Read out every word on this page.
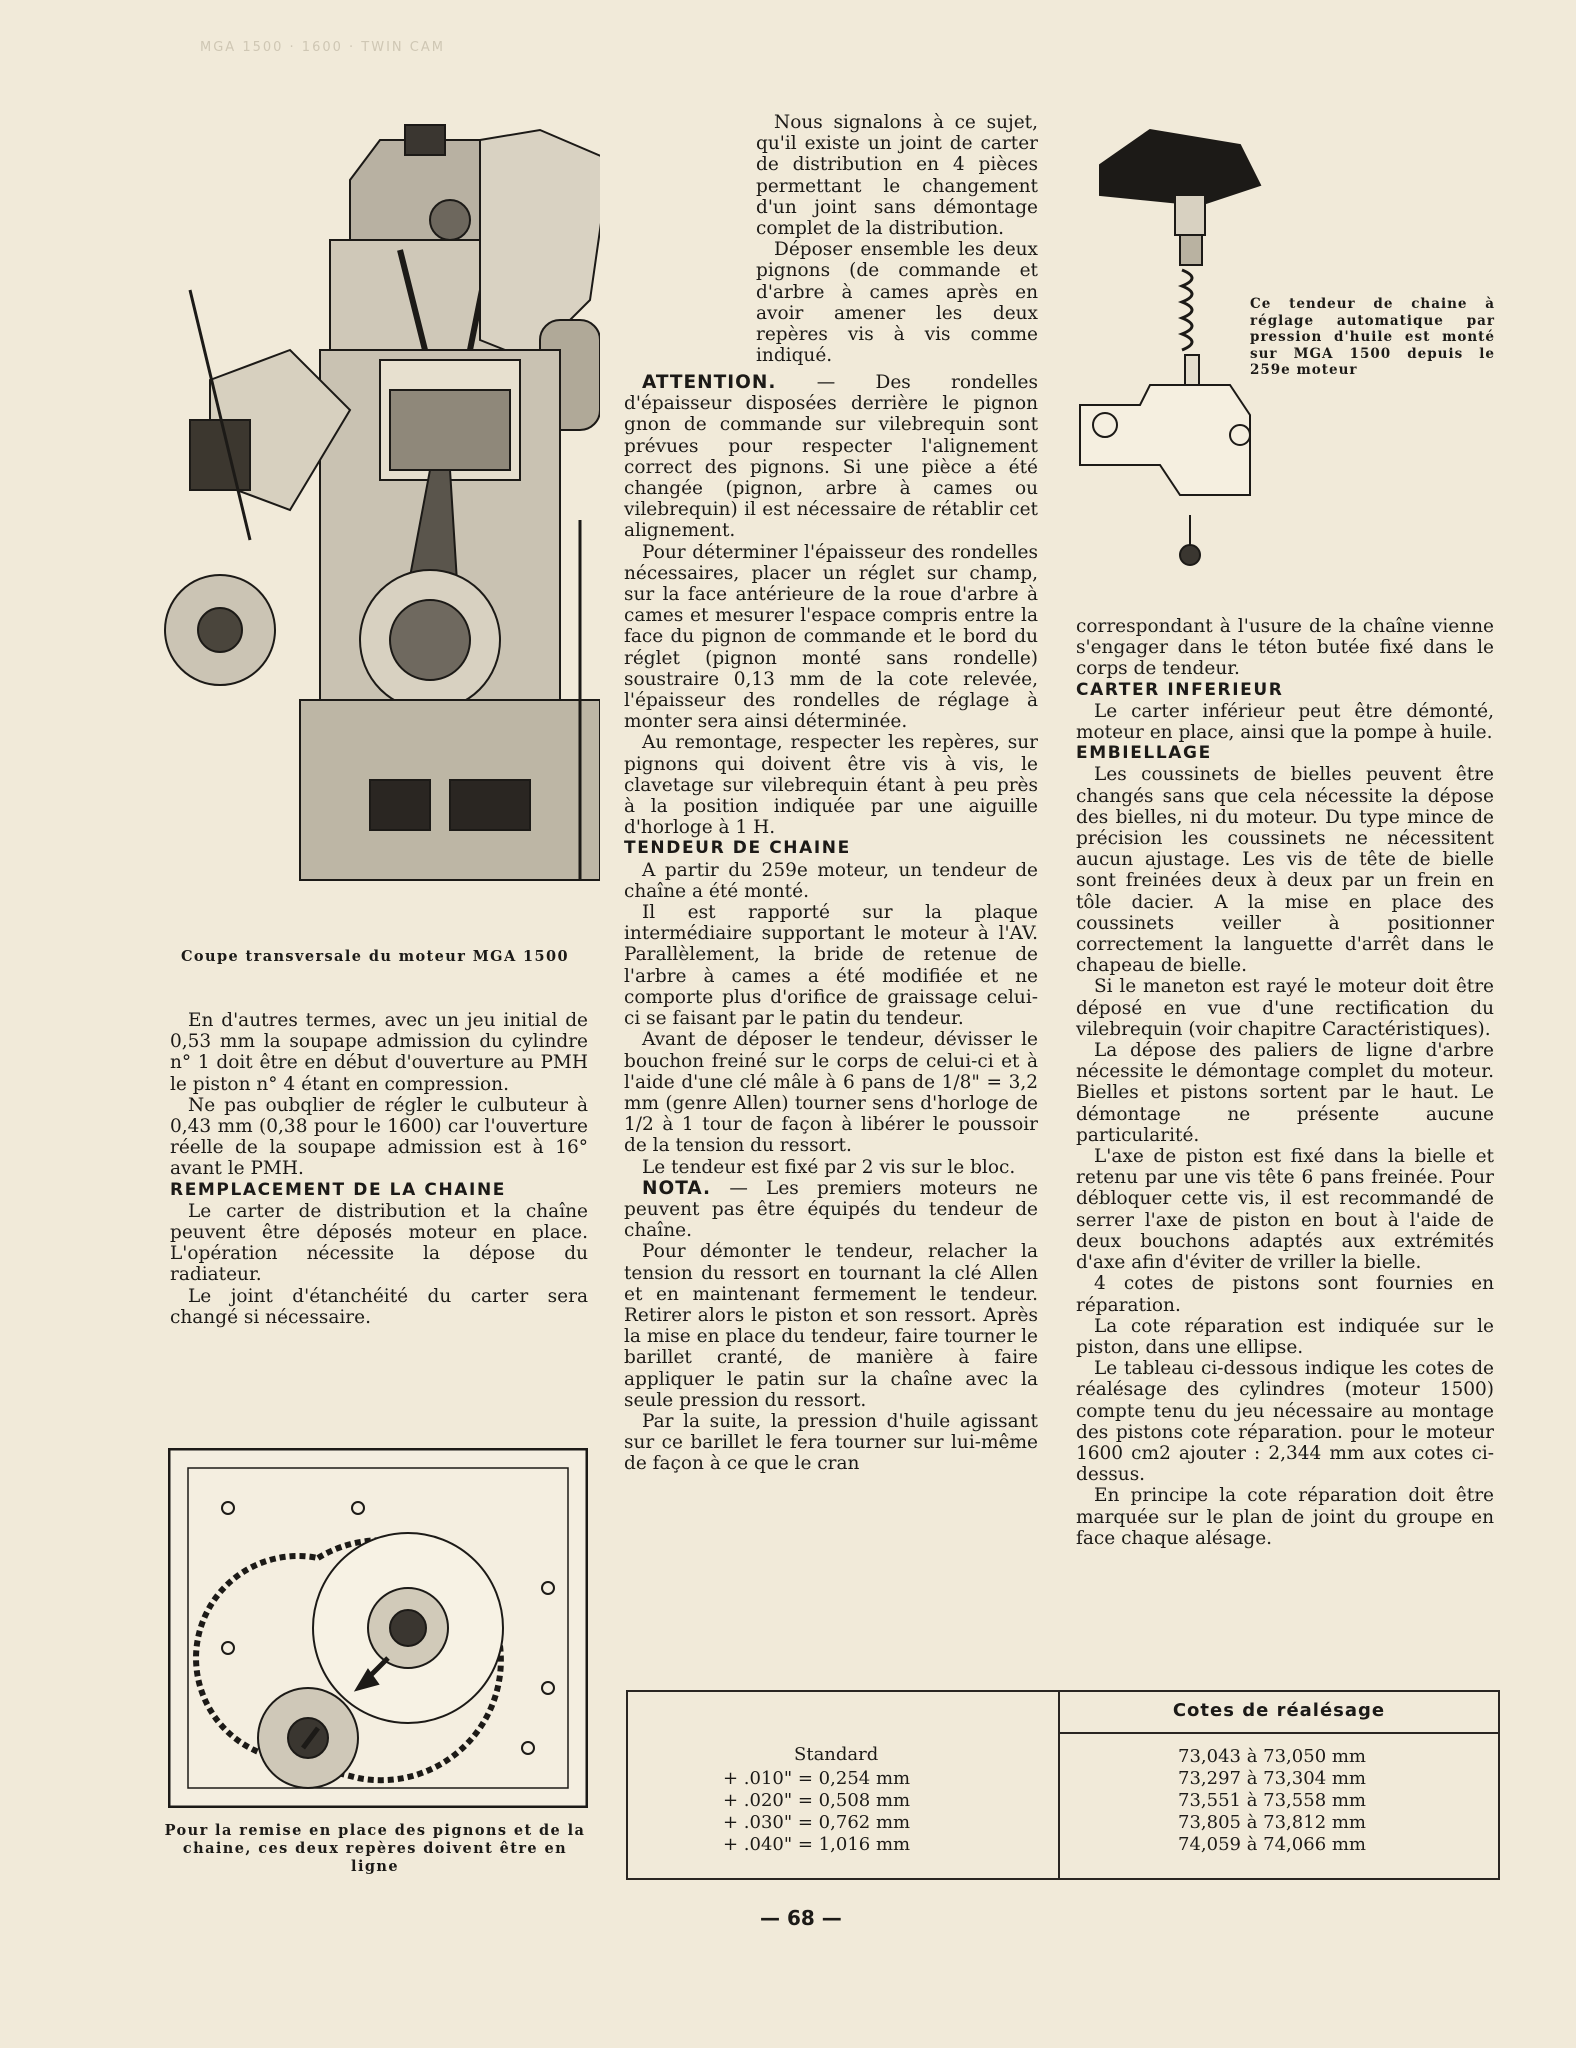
MGA 1500 · 1600 · TWIN CAM
Coupe transversale du moteur MGA 1500
Ce tendeur de chaine à réglage automatique par pression d'huile est monté sur MGA 1500 depuis le 259e moteur
Pour la remise en place des pignons et de la chaine, ces deux repères doivent être en ligne

En d'autres termes, avec un jeu initial de 0,53 mm la soupape admission du cylindre n° 1 doit être en début d'ouverture au PMH le piston n° 4 étant en compression.

Ne pas oubqlier de régler le culbuteur à 0,43 mm (0,38 pour le 1600) car l'ouverture réelle de la soupape admission est à 16° avant le PMH.

REMPLACEMENT DE LA CHAINE

Le carter de distribution et la chaîne peuvent être déposés moteur en place. L'opération nécessite la dépose du radiateur.

Le joint d'étanchéité du carter sera changé si nécessaire.

Nous signalons à ce sujet, qu'il existe un joint de carter de distribution en 4 pièces permettant le changement d'un joint sans démontage complet de la distribution.

Déposer ensemble les deux pignons (de commande et d'arbre à cames après en avoir amener les deux repères vis à vis comme indiqué.

ATTENTION. — Des rondelles d'épaisseur disposées derrière le pignon gnon de commande sur vilebrequin sont prévues pour respecter l'alignement correct des pignons. Si une pièce a été changée (pignon, arbre à cames ou vilebrequin) il est nécessaire de rétablir cet alignement.

Pour déterminer l'épaisseur des rondelles nécessaires, placer un réglet sur champ, sur la face antérieure de la roue d'arbre à cames et mesurer l'espace compris entre la face du pignon de commande et le bord du réglet (pignon monté sans rondelle) soustraire 0,13 mm de la cote relevée, l'épaisseur des rondelles de réglage à monter sera ainsi déterminée.

Au remontage, respecter les repères, sur pignons qui doivent être vis à vis, le clavetage sur vilebrequin étant à peu près à la position indiquée par une aiguille d'horloge à 1 H.

TENDEUR DE CHAINE

A partir du 259e moteur, un tendeur de chaîne a été monté.

Il est rapporté sur la plaque intermédiaire supportant le moteur à l'AV. Parallèlement, la bride de retenue de l'arbre à cames a été modifiée et ne comporte plus d'orifice de graissage celui-ci se faisant par le patin du tendeur.

Avant de déposer le tendeur, dévisser le bouchon freiné sur le corps de celui-ci et à l'aide d'une clé mâle à 6 pans de 1/8" = 3,2 mm (genre Allen) tourner sens d'horloge de 1/2 à 1 tour de façon à libérer le poussoir de la tension du ressort.

Le tendeur est fixé par 2 vis sur le bloc.

NOTA. — Les premiers moteurs ne peuvent pas être équipés du tendeur de chaîne.

Pour démonter le tendeur, relacher la tension du ressort en tournant la clé Allen et en maintenant fermement le tendeur. Retirer alors le piston et son ressort. Après la mise en place du tendeur, faire tourner le barillet cranté, de manière à faire appliquer le patin sur la chaîne avec la seule pression du ressort.

Par la suite, la pression d'huile agissant sur ce barillet le fera tourner sur lui-même de façon à ce que le cran

correspondant à l'usure de la chaîne vienne s'engager dans le téton butée fixé dans le corps de tendeur.

CARTER INFERIEUR

Le carter inférieur peut être démonté, moteur en place, ainsi que la pompe à huile.

EMBIELLAGE

Les coussinets de bielles peuvent être changés sans que cela nécessite la dépose des bielles, ni du moteur. Du type mince de précision les coussinets ne nécessitent aucun ajustage. Les vis de tête de bielle sont freinées deux à deux par un frein en tôle dacier. A la mise en place des coussinets veiller à positionner correctement la languette d'arrêt dans le chapeau de bielle.

Si le maneton est rayé le moteur doit être déposé en vue d'une rectification du vilebrequin (voir chapitre Caractéristiques).

La dépose des paliers de ligne d'arbre nécessite le démontage complet du moteur. Bielles et pistons sortent par le haut. Le démontage ne présente aucune particularité.

L'axe de piston est fixé dans la bielle et retenu par une vis tête 6 pans freinée. Pour débloquer cette vis, il est recommandé de serrer l'axe de piston en bout à l'aide de deux bouchons adaptés aux extrémités d'axe afin d'éviter de vriller la bielle.

4 cotes de pistons sont fournies en réparation.

La cote réparation est indiquée sur le piston, dans une ellipse.

Le tableau ci-dessous indique les cotes de réalésage des cylindres (moteur 1500) compte tenu du jeu nécessaire au montage des pistons cote réparation. pour le moteur 1600 cm2 ajouter : 2,344 mm aux cotes ci-dessus.

En principe la cote réparation doit être marquée sur le plan de joint du groupe en face chaque alésage.

Cotes de réalésage
Standard
+ .010" = 0,254 mm
+ .020" = 0,508 mm
+ .030" = 0,762 mm
+ .040" = 1,016 mm
73,043 à 73,050 mm
73,297 à 73,304 mm
73,551 à 73,558 mm
73,805 à 73,812 mm
74,059 à 74,066 mm
— 68 —
